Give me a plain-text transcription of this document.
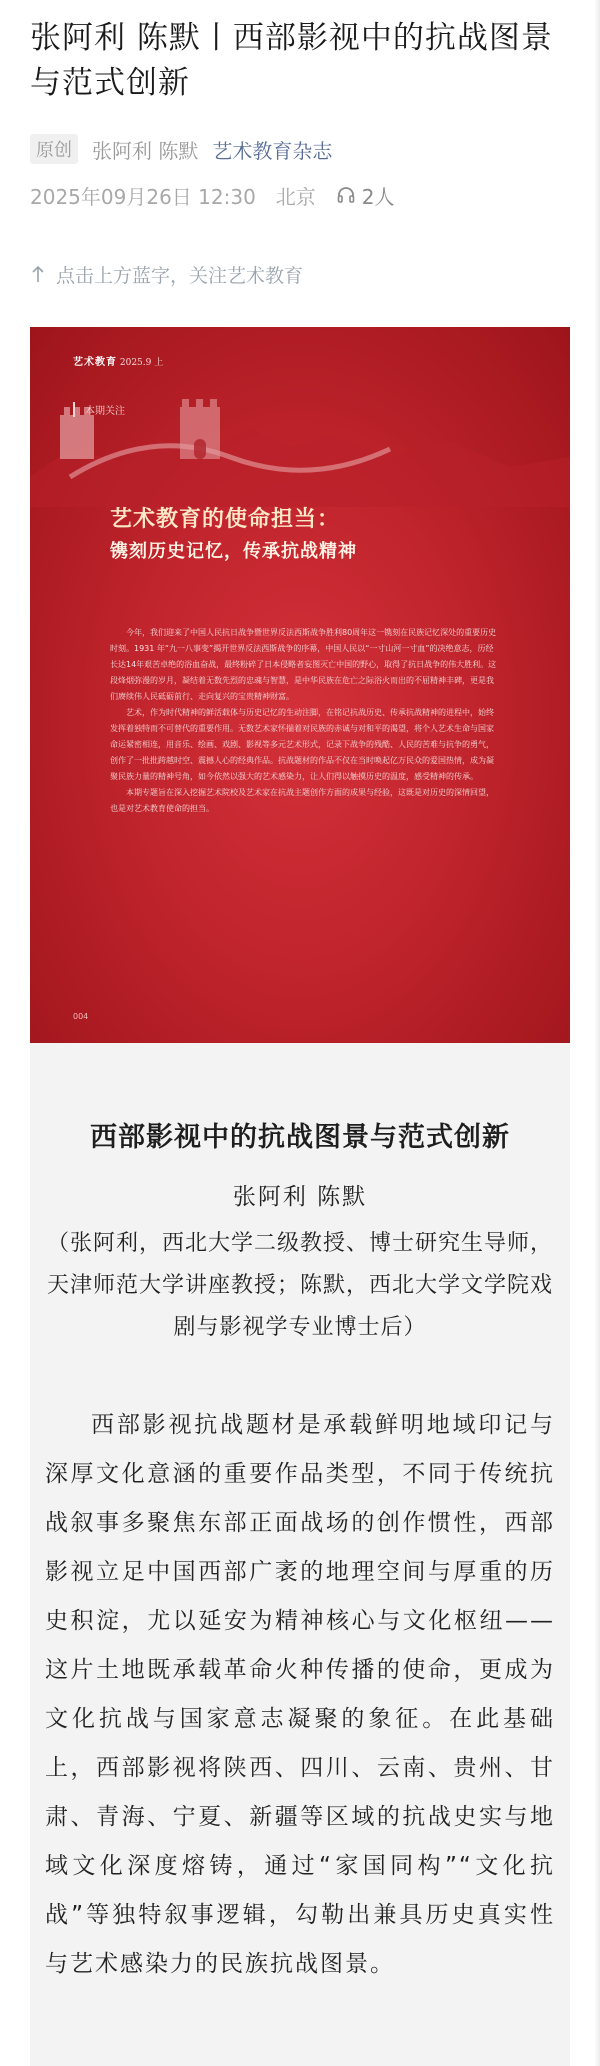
张阿利 陈默丨西部影视中的抗战图景与范式创新
原创	张阿利 陈默 艺术教育杂志
2025年09月26日 12:30 北京 2人
点击上方蓝字，关注艺术教育
艺术教育 2025.9 上
本期关注
艺术教育的使命担当：
镌刻历史记忆，传承抗战精神

今年，我们迎来了中国人民抗日战争暨世界反法西斯战争胜利80周年这一镌刻在民族记忆深处的重要历史时刻。1931 年“九一八事变”揭开世界反法西斯战争的序幕，中国人民以“一寸山河一寸血”的决绝意志，历经长达14年艰苦卓绝的浴血奋战，最终粉碎了日本侵略者妄图灭亡中国的野心，取得了抗日战争的伟大胜利。这段烽烟弥漫的岁月，凝结着无数先烈的忠魂与智慧，是中华民族在危亡之际浴火而出的不屈精神丰碑，更是我们赓续伟人民砥砺前行、走向复兴的宝贵精神财富。

艺术，作为时代精神的鲜活载体与历史记忆的生动注脚，在铭记抗战历史、传承抗战精神的进程中，始终发挥着独特而不可替代的重要作用。无数艺术家怀揣着对民族的赤诚与对和平的渴望，将个人艺术生命与国家命运紧密相连，用音乐、绘画、戏剧、影视等多元艺术形式，记录下战争的残酷、人民的苦难与抗争的勇气，创作了一批批跨越时空、震撼人心的经典作品。抗战题材的作品不仅在当时唤起亿万民众的爱国热情，成为凝聚民族力量的精神号角，如今依然以强大的艺术感染力，让人们得以触摸历史的温度，感受精神的传承。

本期专题旨在深入挖掘艺术院校及艺术家在抗战主题创作方面的成果与经验，这既是对历史的深情回望，也是对艺术教育使命的担当。

004
西部影视中的抗战图景与范式创新
张阿利 陈默

（张阿利，西北大学二级教授、博士研究生导师，天津师范大学讲座教授；陈默，西北大学文学院戏剧与影视学专业博士后）

西部影视抗战题材是承载鲜明地域印记与深厚文化意涵的重要作品类型，不同于传统抗战叙事多聚焦东部正面战场的创作惯性，西部影视立足中国西部广袤的地理空间与厚重的历史积淀，尤以延安为精神核心与文化枢纽——这片土地既承载革命火种传播的使命，更成为文化抗战与国家意志凝聚的象征。在此基础上，西部影视将陕西、四川、云南、贵州、甘肃、青海、宁夏、新疆等区域的抗战史实与地域文化深度熔铸，通过“家国同构”“文化抗战”等独特叙事逻辑，勾勒出兼具历史真实性与艺术感染力的民族抗战图景。
